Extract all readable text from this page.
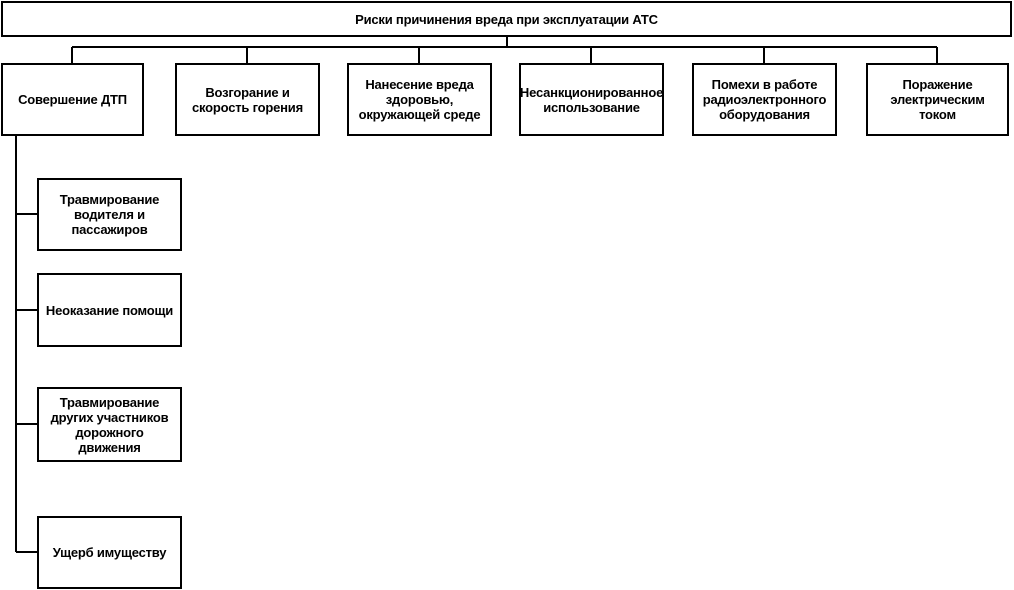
Риски причинения вреда при эксплуатации АТС
Совершение ДТП	Возгорание и скорость горения
Нанесение вреда здоровью, окружающей среде
Несанкционированное использование
Помехи в работе радиоэлектронного оборудования
Поражение электрическим током
Травмирование водителя и пассажиров
Неоказание помощи
Травмирование других участников дорожного движения
Ущерб имуществу
